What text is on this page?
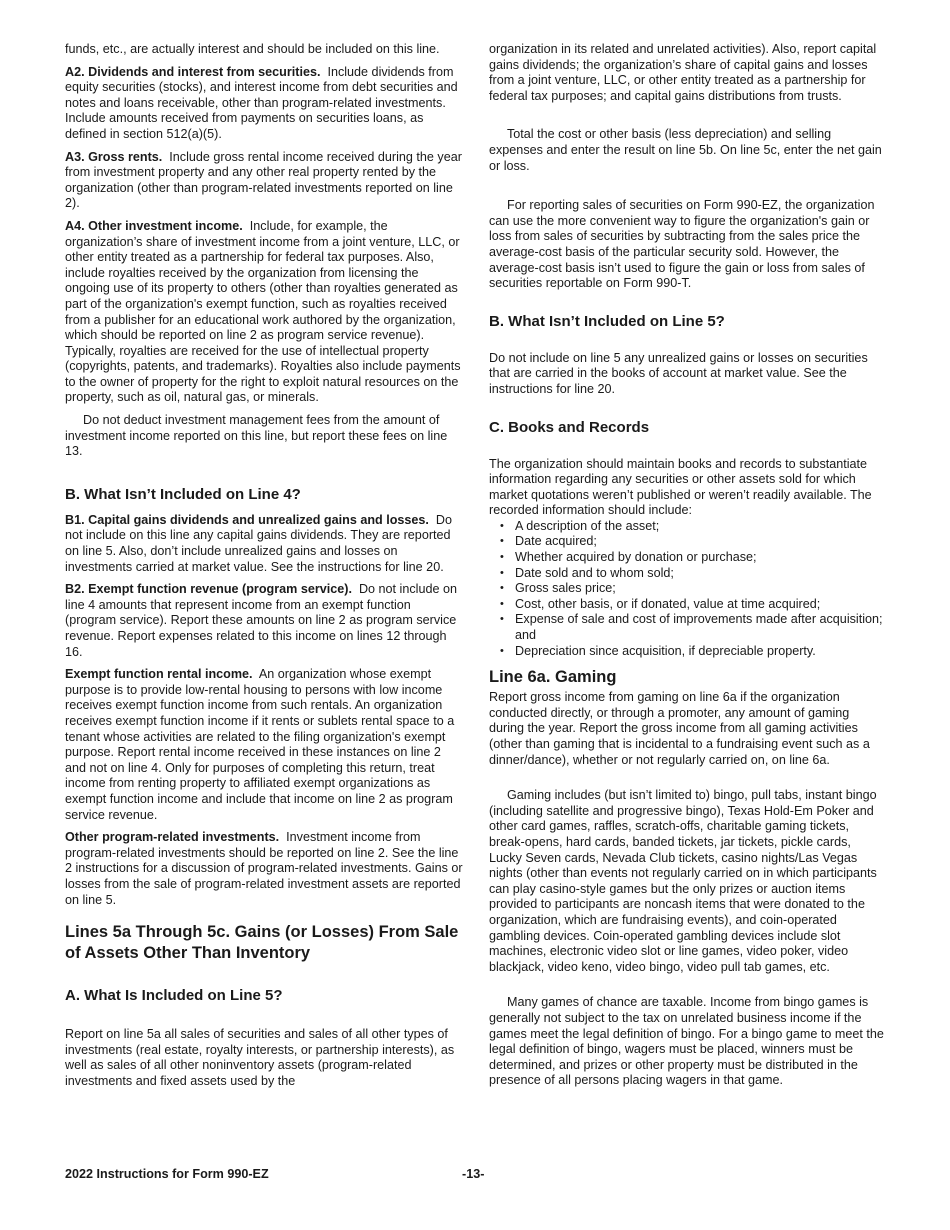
funds, etc., are actually interest and should be included on this line.

A2. Dividends and interest from securities. Include dividends from equity securities (stocks), and interest income from debt securities and notes and loans receivable, other than program-related investments. Include amounts received from payments on securities loans, as defined in section 512(a)(5).

A3. Gross rents. Include gross rental income received during the year from investment property and any other real property rented by the organization (other than program-related investments reported on line 2).

A4. Other investment income. Include, for example, the organization’s share of investment income from a joint venture, LLC, or other entity treated as a partnership for federal tax purposes. Also, include royalties received by the organization from licensing the ongoing use of its property to others (other than royalties generated as part of the organization's exempt function, such as royalties received from a publisher for an educational work authored by the organization, which should be reported on line 2 as program service revenue). Typically, royalties are received for the use of intellectual property (copyrights, patents, and trademarks). Royalties also include payments to the owner of property for the right to exploit natural resources on the property, such as oil, natural gas, or minerals.

Do not deduct investment management fees from the amount of investment income reported on this line, but report these fees on line 13.

B. What Isn’t Included on Line 4?

B1. Capital gains dividends and unrealized gains and losses. Do not include on this line any capital gains dividends. They are reported on line 5. Also, don’t include unrealized gains and losses on investments carried at market value. See the instructions for line 20.

B2. Exempt function revenue (program service). Do not include on line 4 amounts that represent income from an exempt function (program service). Report these amounts on line 2 as program service revenue. Report expenses related to this income on lines 12 through 16.

Exempt function rental income. An organization whose exempt purpose is to provide low-rental housing to persons with low income receives exempt function income from such rentals. An organization receives exempt function income if it rents or sublets rental space to a tenant whose activities are related to the filing organization's exempt purpose. Report rental income received in these instances on line 2 and not on line 4. Only for purposes of completing this return, treat income from renting property to affiliated exempt organizations as exempt function income and include that income on line 2 as program service revenue.

Other program-related investments. Investment income from program-related investments should be reported on line 2. See the line 2 instructions for a discussion of program-related investments. Gains or losses from the sale of program-related investment assets are reported on line 5.

Lines 5a Through 5c. Gains (or Losses) From Sale of Assets Other Than Inventory
A. What Is Included on Line 5?

Report on line 5a all sales of securities and sales of all other types of investments (real estate, royalty interests, or partnership interests), as well as sales of all other noninventory assets (program-related investments and fixed assets used by the

organization in its related and unrelated activities). Also, report capital gains dividends; the organization’s share of capital gains and losses from a joint venture, LLC, or other entity treated as a partnership for federal tax purposes; and capital gains distributions from trusts.

Total the cost or other basis (less depreciation) and selling expenses and enter the result on line 5b. On line 5c, enter the net gain or loss.

For reporting sales of securities on Form 990-EZ, the organization can use the more convenient way to figure the organization's gain or loss from sales of securities by subtracting from the sales price the average-cost basis of the particular security sold. However, the average-cost basis isn’t used to figure the gain or loss from sales of securities reportable on Form 990-T.

B. What Isn’t Included on Line 5?

Do not include on line 5 any unrealized gains or losses on securities that are carried in the books of account at market value. See the instructions for line 20.

C. Books and Records

The organization should maintain books and records to substantiate information regarding any securities or other assets sold for which market quotations weren’t published or weren’t readily available. The recorded information should include:

• A description of the asset;
• Date acquired;
• Whether acquired by donation or purchase;
• Date sold and to whom sold;
• Gross sales price;
• Cost, other basis, or if donated, value at time acquired;
• Expense of sale and cost of improvements made after acquisition; and
• Depreciation since acquisition, if depreciable property.
Line 6a. Gaming

Report gross income from gaming on line 6a if the organization conducted directly, or through a promoter, any amount of gaming during the year. Report the gross income from all gaming activities (other than gaming that is incidental to a fundraising event such as a dinner/dance), whether or not regularly carried on, on line 6a.

Gaming includes (but isn’t limited to) bingo, pull tabs, instant bingo (including satellite and progressive bingo), Texas Hold-Em Poker and other card games, raffles, scratch-offs, charitable gaming tickets, break-opens, hard cards, banded tickets, jar tickets, pickle cards, Lucky Seven cards, Nevada Club tickets, casino nights/Las Vegas nights (other than events not regularly carried on in which participants can play casino-style games but the only prizes or auction items provided to participants are noncash items that were donated to the organization, which are fundraising events), and coin-operated gambling devices. Coin-operated gambling devices include slot machines, electronic video slot or line games, video poker, video blackjack, video keno, video bingo, video pull tab games, etc.

Many games of chance are taxable. Income from bingo games is generally not subject to the tax on unrelated business income if the games meet the legal definition of bingo. For a bingo game to meet the legal definition of bingo, wagers must be placed, winners must be determined, and prizes or other property must be distributed in the presence of all persons placing wagers in that game.

2022 Instructions for Form 990-EZ	-13-
